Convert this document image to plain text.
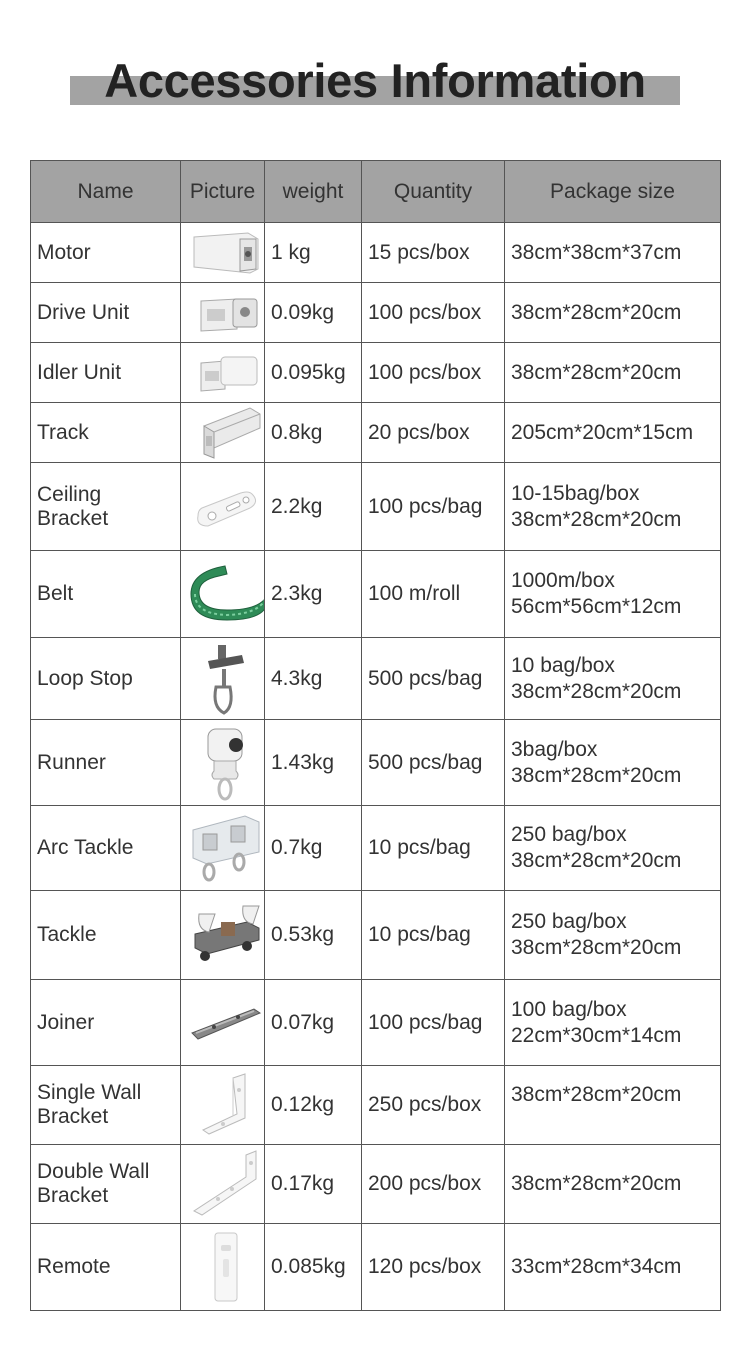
Accessories Information
Name	Picture	weight	Quantity	Package size
Motor		1 kg	15 pcs/box	38cm*38cm*37cm

Drive Unit		0.09kg	100 pcs/box	38cm*28cm*20cm

Idler Unit		0.095kg	100 pcs/box	38cm*28cm*20cm

Track		0.8kg	20 pcs/box	205cm*20cm*15cm

Ceiling Bracket		2.2kg	100 pcs/bag	10-15bag/box
38cm*28cm*20cm

Belt		2.3kg	100 m/roll	1000m/box
56cm*56cm*12cm

Loop Stop		4.3kg	500 pcs/bag	10 bag/box
38cm*28cm*20cm

Runner		1.43kg	500 pcs/bag	3bag/box
38cm*28cm*20cm

Arc Tackle		0.7kg	10 pcs/bag	250 bag/box
38cm*28cm*20cm

Tackle		0.53kg	10 pcs/bag	250 bag/box
38cm*28cm*20cm

Joiner		0.07kg	100 pcs/bag	100 bag/box
22cm*30cm*14cm

Single Wall Bracket		0.12kg	250 pcs/box	38cm*28cm*20cm

Double Wall Bracket		0.17kg	200 pcs/box	38cm*28cm*20cm

Remote		0.085kg	120 pcs/box	33cm*28cm*34cm
